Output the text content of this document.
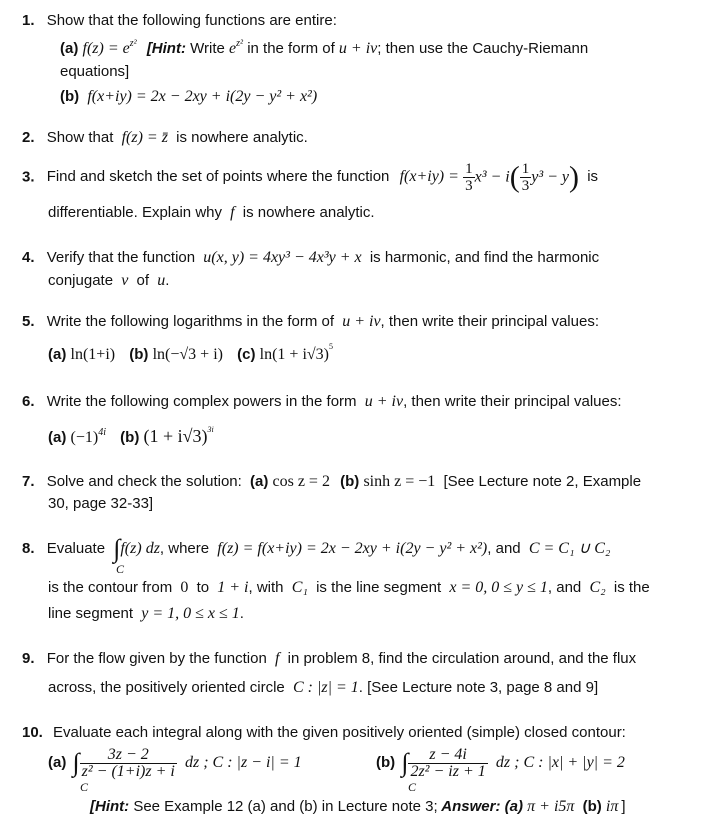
1. Show that the following functions are entire:
(a) $f(z) = e^{z^2}$ [Hint: Write $e^{z^2}$ in the form of u + iv; then use the Cauchy-Riemann
equations]
(b) f(x+iy) = 2x − 2xy + i(2y − y² + x²)
2. Show that f(z) = z̄ is nowhere analytic.
3. Find and sketch the set of points where the function $f(x+iy) = \frac{1}{3} x^3 - i( \frac{1}{3} y^3 - y)$ is
differentiable. Explain why f is nowhere analytic.
4. Verify that the function u(x, y) = 4xy³ − 4x³y + x is harmonic, and find the harmonic
conjugate v of u.
5. Write the following logarithms in the form of u + iv, then write their principal values:
(a) ln(1+i) (b) ln(−√3 + i) (c) $\ln(1 + i√3)^5$
6. Write the following complex powers in the form u + iv, then write their principal values:
(a) $(-1)^{4i}$ (b) $(1 + i√3)^{3i}$
7. Solve and check the solution: (a) cos z = 2 (b) sinh z = −1 [See Lecture note 2, Example
30, page 32-33]
8. Evaluate ∫f(z) dz, where f(z) = f(x+iy) = 2x − 2xy + i(2y − y² + x²), and C = C₁ ∪ C₂
C
is the contour from 0 to 1 + i, with C₁ is the line segment x = 0, 0 ≤ y ≤ 1, and C₂ is the
line segment y = 1, 0 ≤ x ≤ 1.
9. For the flow given by the function f in problem 8, find the circulation around, and the flux
across, the positively oriented circle C : |z| = 1. [See Lecture note 3, page 8 and 9]
10. Evaluate each integral along with the given positively oriented (simple) closed contour:
(a) ∫ $\frac{3z - 2}{\text{z² − (1+i)z + i}}$ dz ; C : |z − i| = 1
C
(b) ∫ $\frac{z - 4i}{\text{2z² − iz + 1}}$ dz ; C : |x| + |y| = 2
C
[Hint: See Example 12 (a) and (b) in Lecture note 3; Answer: (a) π + i5π (b) iπ ]
